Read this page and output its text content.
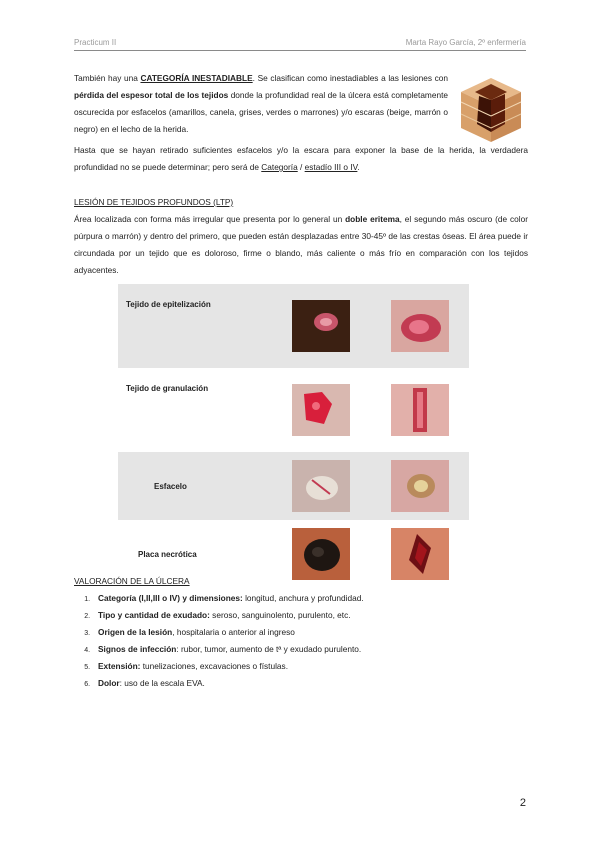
Practicum II	Marta Rayo García, 2º enfermería

También hay una CATEGORÍA INESTADIABLE. Se clasifican como inestadiables a las lesiones con pérdida del espesor total de los tejidos donde la profundidad real de la úlcera está completamente oscurecida por esfacelos (amarillos, canela, grises, verdes o marrones) y/o escaras (beige, marrón o negro) en el lecho de la herida.

Hasta que se hayan retirado suficientes esfacelos y/o la escara para exponer la base de la herida, la verdadera profundidad no se puede determinar; pero será de Categoría / estadío III o IV.

LESIÓN DE TEJIDOS PROFUNDOS (LTP)

Área localizada con forma más irregular que presenta por lo general un doble eritema, el segundo más oscuro (de color púrpura o marrón) y dentro del primero, que pueden están desplazadas entre 30-45º de las crestas óseas. El área puede ir circundada por un tejido que es doloroso, firme o blando, más caliente o más frío en comparación con los tejidos adyacentes.

Tejido de epitelización		
Tejido de granulación		
Esfacelo		
Placa necrótica		
VALORACIÓN DE LA ÚLCERA
1. Categoría (I,II,III o IV) y dimensiones: longitud, anchura y profundidad.
2. Tipo y cantidad de exudado: seroso, sanguinolento, purulento, etc.
3. Origen de la lesión, hospitalaria o anterior al ingreso
4. Signos de infección: rubor, tumor, aumento de tª y exudado purulento.
5. Extensión: tunelizaciones, excavaciones o fístulas.
6. Dolor: uso de la escala EVA.
2
